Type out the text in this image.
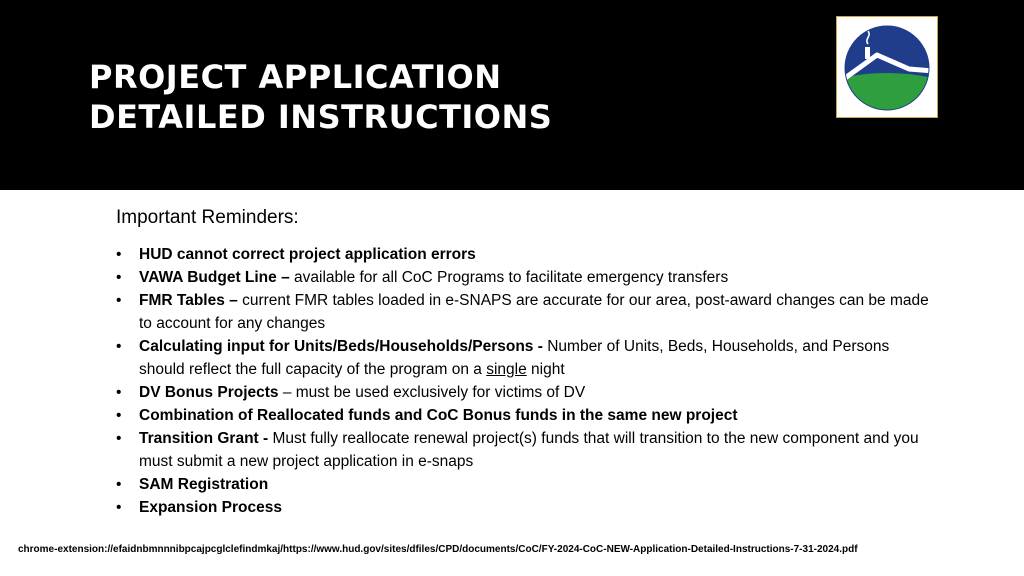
PROJECT APPLICATION
DETAILED INSTRUCTIONS
Important Reminders:
• HUD cannot correct project application errors
• VAWA Budget Line – available for all CoC Programs to facilitate emergency transfers
• FMR Tables – current FMR tables loaded in e-SNAPS are accurate for our area, post-award changes can be made to account for any changes
• Calculating input for Units/Beds/Households/Persons - Number of Units, Beds, Households, and Persons should reflect the full capacity of the program on a single night
• DV Bonus Projects – must be used exclusively for victims of DV
• Combination of Reallocated funds and CoC Bonus funds in the same new project
• Transition Grant - Must fully reallocate renewal project(s) funds that will transition to the new component and you must submit a new project application in e-snaps
• SAM Registration
• Expansion Process
chrome-extension://efaidnbmnnnibpcajpcglclefindmkaj/https://www.hud.gov/sites/dfiles/CPD/documents/CoC/FY-2024-CoC-NEW-Application-Detailed-Instructions-7-31-2024.pdf
